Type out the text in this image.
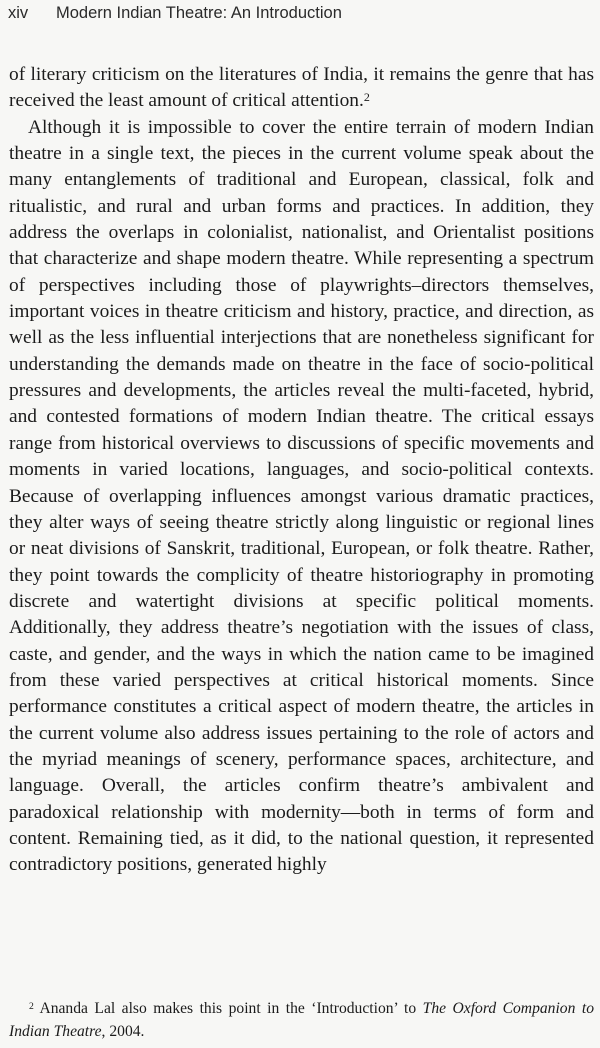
xiv Modern Indian Theatre: An Introduction

of literary criticism on the literatures of India, it remains the genre that has received the least amount of critical attention.$^2$

Although it is impossible to cover the entire terrain of modern Indian theatre in a single text, the pieces in the current volume speak about the many entanglements of traditional and European, classical, folk and ritualistic, and rural and urban forms and practices. In addition, they address the overlaps in colonialist, nationalist, and Orientalist positions that characterize and shape modern theatre. While representing a spectrum of perspectives including those of playwrights–directors themselves, important voices in theatre criticism and history, practice, and direction, as well as the less influential interjections that are nonetheless significant for understanding the demands made on theatre in the face of socio-political pressures and developments, the articles reveal the multi-faceted, hybrid, and contested formations of modern Indian theatre. The critical essays range from historical overviews to discussions of specific movements and moments in varied locations, languages, and socio-political contexts. Because of overlapping influences amongst various dramatic practices, they alter ways of seeing theatre strictly along linguistic or regional lines or neat divisions of Sanskrit, traditional, European, or folk theatre. Rather, they point towards the complicity of theatre historiography in promoting discrete and watertight divisions at specific political moments. Additionally, they address theatre’s negotiation with the issues of class, caste, and gender, and the ways in which the nation came to be imagined from these varied perspectives at critical historical moments. Since performance constitutes a critical aspect of modern theatre, the articles in the current volume also address issues pertaining to the role of actors and the myriad meanings of scenery, performance spaces, architecture, and language. Overall, the articles confirm theatre’s ambivalent and paradoxical relationship with modernity—both in terms of form and content. Remaining tied, as it did, to the national question, it represented contradictory positions, generated highly

$^2$ Ananda Lal also makes this point in the ‘Introduction’ to The Oxford Companion to Indian Theatre, 2004.
